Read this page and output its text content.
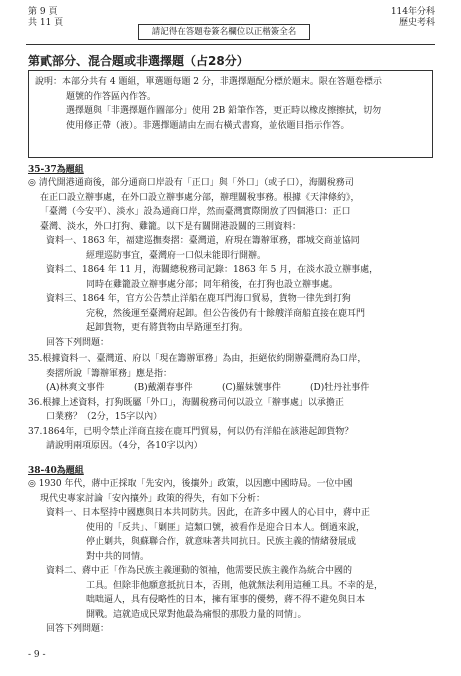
第 9 頁
共 11 頁
請記得在答題卷簽名欄位以正楷簽全名
114年分科
歷史考科
第貳部分、混合題或非選擇題（占28分）

說明：本部分共有 4 題組，單選題每題 2 分，非選擇題配分標於題末。限在答題卷標示

題號的作答區內作答。

選擇題與「非選擇題作圖部分」使用 2B 鉛筆作答，更正時以橡皮擦擦拭，切勿

使用修正帶（液）。非選擇題請由左而右橫式書寫，並依題目指示作答。

35-37為題組

◎ 清代開港通商後，部分通商口岸設有「正口」與「外口」（或子口），海關稅務司

在正口設立辦事處，在外口設立辦事處分部，辦理關稅事務。根據《天津條約》，

「臺灣（今安平）、淡水」設為通商口岸，然而臺灣實際開放了四個港口：正口

臺灣、淡水，外口打狗、雞籠。以下是有關開港設關的三則資料：

資料一、1863 年，福建巡撫奏摺：臺灣道，府現在籌辦軍務，郡城交商並協同

經理巡防事宜，臺灣府一口似未能即行開辦。

資料二、1864 年 11 月，海關總稅務司記錄：1863 年 5 月，在淡水設立辦事處，

同時在雞籠設立辦事處分部；同年稍後，在打狗也設立辦事處。

資料三、1864 年，官方公告禁止洋船在鹿耳門海口貿易，貨物一律先到打狗

完稅，然後運至臺灣府起卸。但公告後仍有十餘艘洋商船直接在鹿耳門

起卸貨物，更有將貨物由旱路運至打狗。

回答下列問題：

35.根據資料一、臺灣道、府以「現在籌辦軍務」為由，拒絕依約開辦臺灣府為口岸，

奏摺所說「籌辦軍務」應是指：

(A)林爽文事件	(B)戴潮春事件	(C)羅妹號事件	(D)牡丹社事件

36.根據上述資料，打狗既屬「外口」，海關稅務司何以設立「辦事處」以承擔正

口業務？（2分，15字以內）

37.1864年，已明令禁止洋商直接在鹿耳門貿易，何以仍有洋船在該港起卸貨物？

請說明兩項原因。（4分，各10字以內）

38-40為題組

◎ 1930 年代，蔣中正採取「先安內，後攘外」政策，以因應中國時局。一位中國

現代史專家討論「安內攘外」政策的得失，有如下分析：

資料一、日本堅持中國應與日本共同防共。因此，在許多中國人的心目中，蔣中正

使用的「反共」、「剿匪」這類口號，被看作是迎合日本人。倒過來說，

停止剿共，與蘇聯合作，就意味著共同抗日。民族主義的情緒發展成

對中共的同情。

資料二、蔣中正「作為民族主義運動的領袖，他需要民族主義作為統合中國的

工具。但除非他願意抵抗日本，否則，他就無法利用這種工具。不幸的是，

咄咄逼人，具有侵略性的日本，擁有軍事的優勢，蔣不得不避免與日本

開戰。這就造成民眾對他最為痛恨的那股力量的同情」。

回答下列問題：

- 9 -
